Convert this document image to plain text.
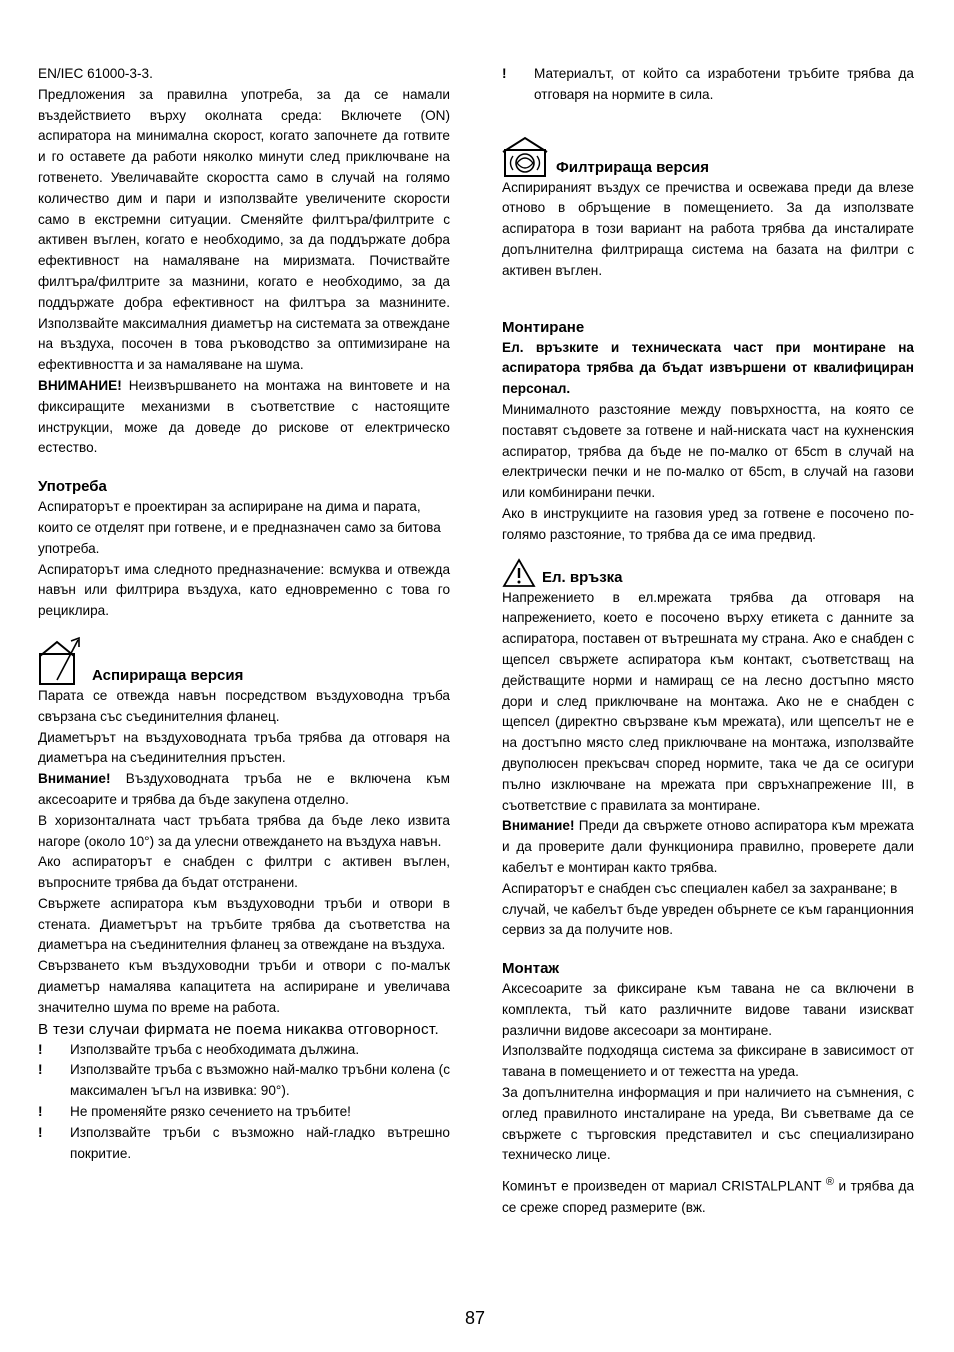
EN/IEC 61000-3-3.

Предложения за правилна употреба, за да се намали въздействието върху околната среда: Включете (ON) аспиратора на минимална скорост, когато започнете да готвите и го оставете да работи няколко минути след приключване на готвенето. Увеличавайте скоростта само в случай на голямо количество дим и пари и използвайте увеличените скорости само в екстремни ситуации. Сменяйте филтъра/филтрите с активен въглен, когато е необходимо, за да поддържате добра ефективност на намаляване на миризмата. Почиствайте филтъра/филтрите за мазнини, когато е необходимо, за да поддържате добра ефективност на филтъра за мазнините. Използвайте максималния диаметър на системата за отвеждане на въздуха, посочен в това ръководство за оптимизиране на ефективността и за намаляване на шума.

ВНИМАНИЕ! Неизвършването на монтажа на винтовете и на фиксиращите механизми в съответствие с настоящите инструкции, може да доведе до рискове от електрическо естество.

Употреба

Аспираторът е проектиран за аспириране на дима и парата, които се отделят при готвене, и е предназначен само за битова употреба.

Аспираторът има следното предназначение: всмуква и отвежда навън или филтрира въздуха, като едновременно с това го рециклира.

Аспирираща версия

Парата се отвежда навън посредством въздуховодна тръба свързана със съединителния фланец.

Диаметърът на въздуховодната тръба трябва да отговаря на диаметъра на съединителния пръстен.

Внимание! Въздуховодната тръба не е включена към аксесоарите и трябва да бъде закупена отделно.

В хоризонталната част тръбата трябва да бъде леко извита нагоре (около 10°) за да улесни отвеждането на въздуха навън.

Ако аспираторът е снабден с филтри с активен въглен, въпросните трябва да бъдат отстранени.

Свържете аспиратора към въздуховодни тръби и отвори в стената. Диаметърът на тръбите трябва да съответства на диаметъра на съединителния фланец за отвеждане на въздуха.

Свързването към въздуховодни тръби и отвори с по-малък диаметър намалява капацитета на аспириране и увеличава значително шума по време на работа.

В тези случаи фирмата не поема никаква отговорност.

!	Използвайте тръба с необходимата дължина.
!	Използвайте тръба с възможно най-малко тръбни колена (с максимален ъгъл на извивка: 90°).
!	Не променяйте рязко сечението на тръбите!
!	Използвайте тръби с възможно най-гладко вътрешно покритие.
!	Материалът, от който са изработени тръбите трябва да отговаря на нормите в сила.
Филтрираща версия

Аспирираният въздух се пречиства и освежава преди да влезе отново в обръщение в помещението. За да използвате аспиратора в този вариант на работа трябва да инсталирате допълнителна филтрираща система на базата на филтри с активен въглен.

Монтиране

Ел. връзките и техническата част при монтиране на аспиратора трябва да бъдат извършени от квалифициран персонал.

Минималното разстояние между повърхността, на която се поставят съдовете за готвене и най-ниската част на кухненския аспиратор, трябва да бъде не по-малко от 65cm в случай на електрически печки и не по-малко от 65cm, в случай на газови или комбинирани печки.

Ако в инструкциите на газовия уред за готвене е посочено по-голямо разстояние, то трябва да се има предвид.

Ел. връзка

Напрежението в ел.мрежата трябва да отговаря на напрежението, което е посочено върху етикета с данните за аспиратора, поставен от вътрешната му страна. Ако е снабден с щепсел свържете аспиратора към контакт, съответстващ на действащите норми и намиращ се на лесно достъпно място дори и след приключване на монтажа. Ако не е снабден с щепсел (директно свързване към мрежата), или щепселът не е на достъпно място след приключване на монтажа, използвайте двуполюсен прекъсвач според нормите, така че да се осигури пълно изключване на мрежата при свръхнапрежение III, в съответствие с правилата за монтиране.

Внимание! Преди да свържете отново аспиратора към мрежата и да проверите дали функционира правилно, проверете дали кабелът е монтиран както трябва.

Аспираторът е снабден със специален кабел за захранване; в случай, че кабелът бъде увреден обърнете се към гаранционния сервиз за да получите нов.

Монтаж

Аксесоарите за фиксиране към тавана не са включени в комплекта, тъй като различните видове тавани изискват различни видове аксесоари за монтиране.

Използвайте подходяща система за фиксиране в зависимост от тавана в помещението и от тежестта на уреда.

За допълнителна информация и при наличието на съмнения, с оглед правилното инсталиране на уреда, Ви съветваме да се свържете с търговския представител и със специализирано техническо лице.

Коминът е произведен от мариал CRISTALPLANT ® и трябва да се среже според размерите (вж.

87
